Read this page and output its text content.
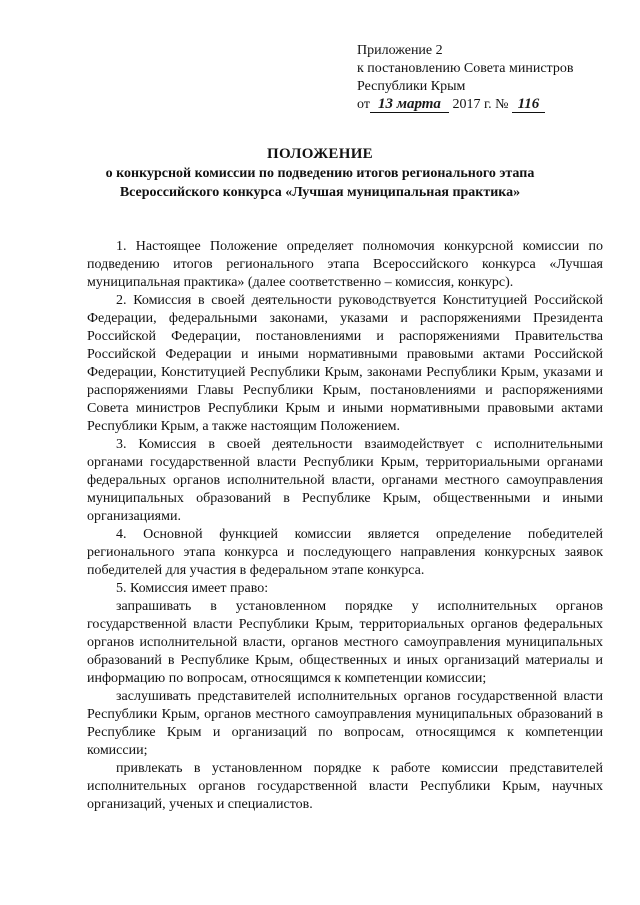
Приложение 2
к постановлению Совета министров
Республики Крым
от 13 марта 2017 г. № 116
ПОЛОЖЕНИЕ
о конкурсной комиссии по подведению итогов регионального этапа
Всероссийского конкурса «Лучшая муниципальная практика»

1. Настоящее Положение определяет полномочия конкурсной комиссии по подведению итогов регионального этапа Всероссийского конкурса «Лучшая муниципальная практика» (далее соответственно – комиссия, конкурс).

2. Комиссия в своей деятельности руководствуется Конституцией Российской Федерации, федеральными законами, указами и распоряжениями Президента Российской Федерации, постановлениями и распоряжениями Правительства Российской Федерации и иными нормативными правовыми актами Российской Федерации, Конституцией Республики Крым, законами Республики Крым, указами и распоряжениями Главы Республики Крым, постановлениями и распоряжениями Совета министров Республики Крым и иными нормативными правовыми актами Республики Крым, а также настоящим Положением.

3. Комиссия в своей деятельности взаимодействует с исполнительными органами государственной власти Республики Крым, территориальными органами федеральных органов исполнительной власти, органами местного самоуправления муниципальных образований в Республике Крым, общественными и иными организациями.

4. Основной функцией комиссии является определение победителей регионального этапа конкурса и последующего направления конкурсных заявок победителей для участия в федеральном этапе конкурса.

5. Комиссия имеет право:

запрашивать в установленном порядке у исполнительных органов государственной власти Республики Крым, территориальных органов федеральных органов исполнительной власти, органов местного самоуправления муниципальных образований в Республике Крым, общественных и иных организаций материалы и информацию по вопросам, относящимся к компетенции комиссии;

заслушивать представителей исполнительных органов государственной власти Республики Крым, органов местного самоуправления муниципальных образований в Республике Крым и организаций по вопросам, относящимся к компетенции комиссии;

привлекать в установленном порядке к работе комиссии представителей исполнительных органов государственной власти Республики Крым, научных организаций, ученых и специалистов.
